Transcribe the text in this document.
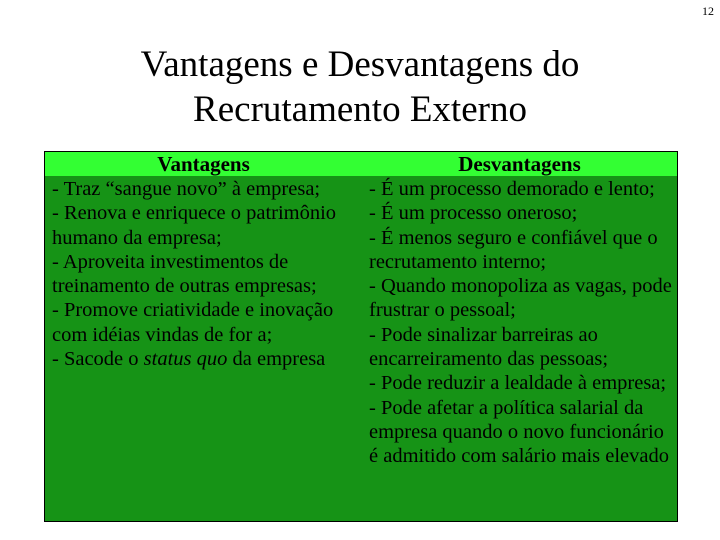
12
Vantagens e Desvantagens do
Recrutamento Externo
Vantagens	Desvantagens
- Traz “sangue novo” à empresa;
- Renova e enriquece o patrimônio humano da empresa;
- Aproveita investimentos de treinamento de outras empresas;
- Promove criatividade e inovação com idéias vindas de for a;
- Sacode o status quo da empresa
- É um processo demorado e lento;
- É um processo oneroso;
- É menos seguro e confiável que o recrutamento interno;
- Quando monopoliza as vagas, pode frustrar o pessoal;
- Pode sinalizar barreiras ao encarreiramento das pessoas;
- Pode reduzir a lealdade à empresa;
- Pode afetar a política salarial da empresa quando o novo funcionário é admitido com salário mais elevado
